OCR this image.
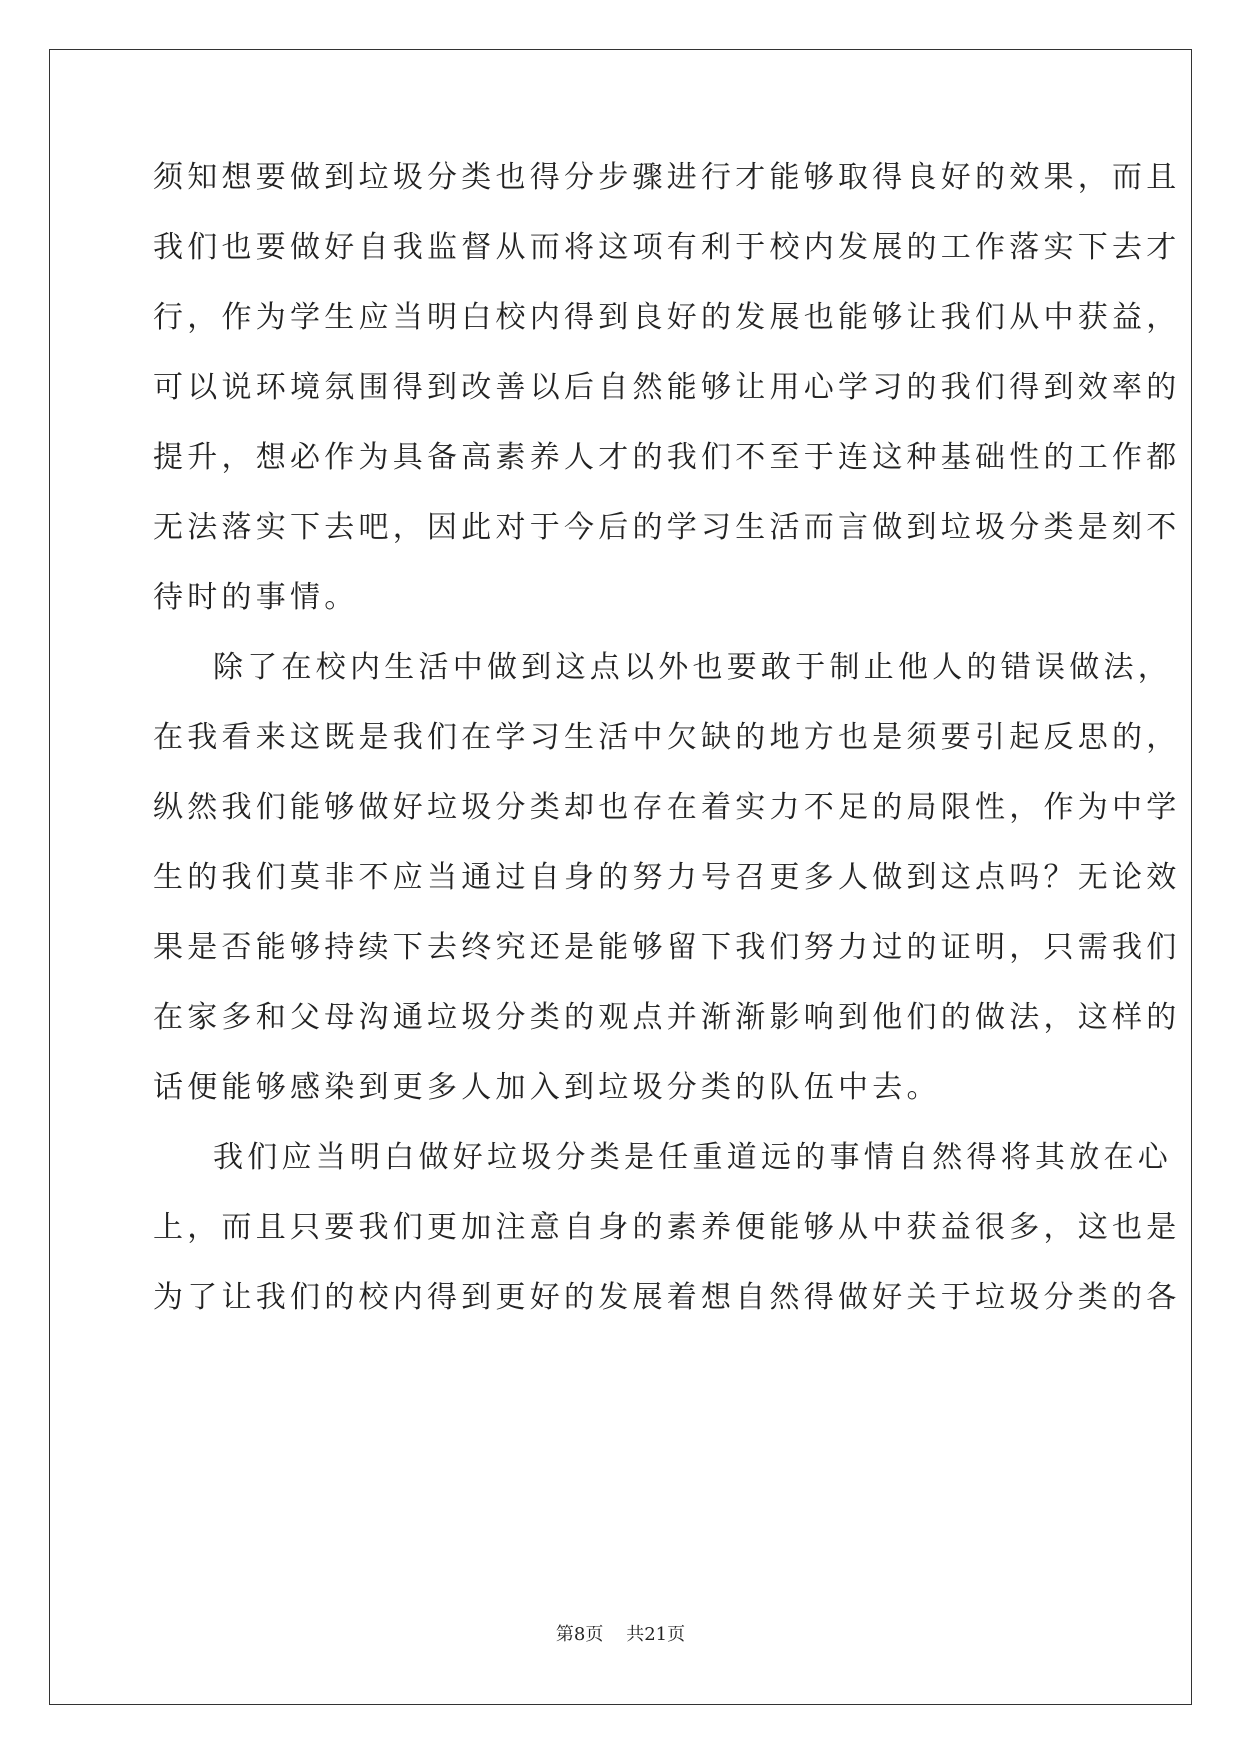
须知想要做到垃圾分类也得分步骤进行才能够取得良好的效果，而且
我们也要做好自我监督从而将这项有利于校内发展的工作落实下去才
行，作为学生应当明白校内得到良好的发展也能够让我们从中获益，
可以说环境氛围得到改善以后自然能够让用心学习的我们得到效率的
提升，想必作为具备高素养人才的我们不至于连这种基础性的工作都
无法落实下去吧，因此对于今后的学习生活而言做到垃圾分类是刻不
待时的事情。
除了在校内生活中做到这点以外也要敢于制止他人的错误做法，
在我看来这既是我们在学习生活中欠缺的地方也是须要引起反思的，
纵然我们能够做好垃圾分类却也存在着实力不足的局限性，作为中学
生的我们莫非不应当通过自身的努力号召更多人做到这点吗？无论效
果是否能够持续下去终究还是能够留下我们努力过的证明，只需我们
在家多和父母沟通垃圾分类的观点并渐渐影响到他们的做法，这样的
话便能够感染到更多人加入到垃圾分类的队伍中去。
我们应当明白做好垃圾分类是任重道远的事情自然得将其放在心
上，而且只要我们更加注意自身的素养便能够从中获益很多，这也是
为了让我们的校内得到更好的发展着想自然得做好关于垃圾分类的各
第8页 共21页
